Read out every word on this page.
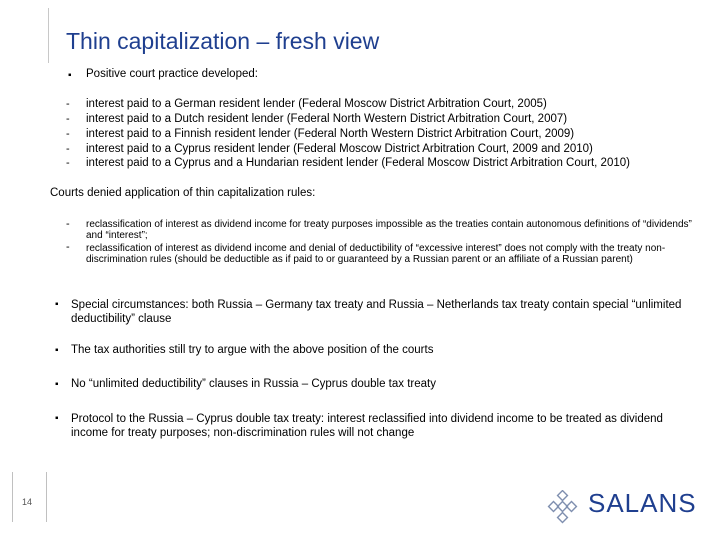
Thin capitalization – fresh view
▪ Positive court practice developed:
- interest paid to a German resident lender (Federal Moscow District Arbitration Court, 2005)
- interest paid to a Dutch resident lender (Federal North Western District Arbitration Court, 2007)
- interest paid to a Finnish resident lender (Federal North Western District Arbitration Court, 2009)
- interest paid to a Cyprus resident lender (Federal Moscow District Arbitration Court, 2009 and 2010)
- interest paid to a Cyprus and a Hundarian resident lender (Federal Moscow District Arbitration Court, 2010)
Courts denied application of thin capitalization rules:
- reclassification of interest as dividend income for treaty purposes impossible as the treaties contain autonomous definitions of “dividends” and “interest”;
- reclassification of interest as dividend income and denial of deductibility of “excessive interest” does not comply with the treaty non-discrimination rules (should be deductible as if paid to or guaranteed by a Russian parent or an affiliate of a Russian parent)
▪ Special circumstances: both Russia – Germany tax treaty and Russia – Netherlands tax treaty contain special “unlimited deductibility” clause
▪ The tax authorities still try to argue with the above position of the courts
▪ No “unlimited deductibility” clauses in Russia – Cyprus double tax treaty
▪ Protocol to the Russia – Cyprus double tax treaty: interest reclassified into dividend income to be treated as dividend income for treaty purposes; non-discrimination rules will not change
14	SALANS
